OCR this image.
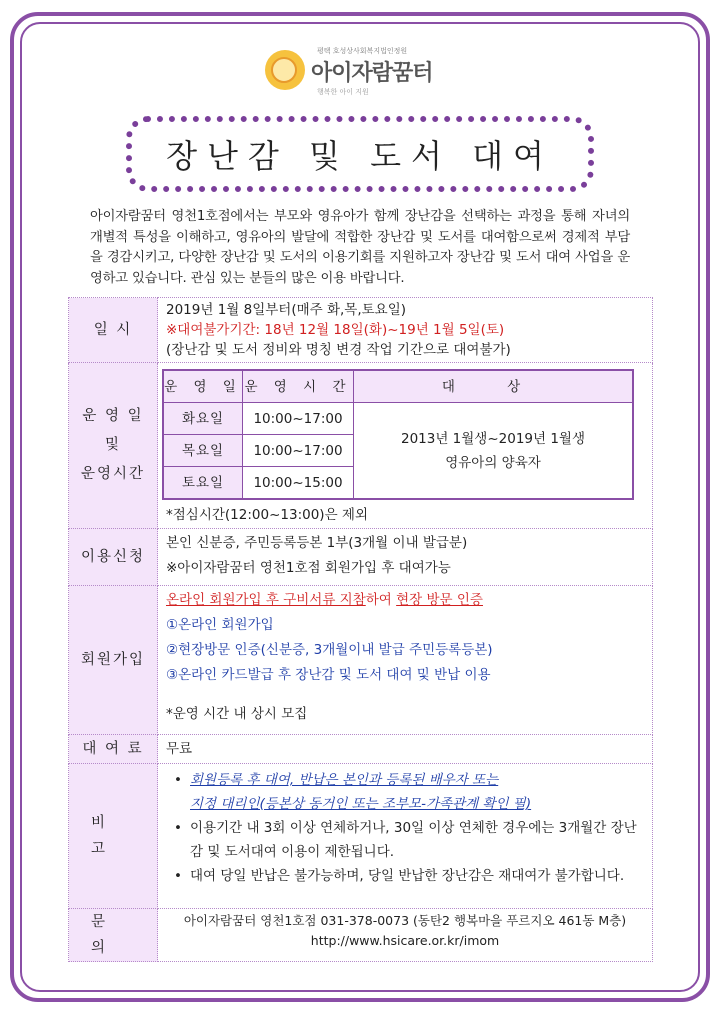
평택 호성상사회복지법인정원
아이자람꿈터
행복한 아이 지원
장난감 및 도서 대여
아이자람꿈터 영천1호점에서는 부모와 영유아가 함께 장난감을 선택하는 과정을 통해 자녀의 개별적 특성을 이해하고, 영유아의 발달에 적합한 장난감 및 도서를 대여함으로써 경제적 부담을 경감시키고, 다양한 장난감 및 도서의 이용기회를 지원하고자 장난감 및 도서 대여 사업을 운영하고 있습니다. 관심 있는 분들의 많은 이용 바랍니다.
일 시	
2019년 1월 8일부터(매주 화,목,토요일)
※대여불가기간: 18년 12월 18일(화)~19년 1월 5일(토)
(장난감 및 도서 정비와 명칭 변경 작업 기간으로 대여불가)

운 영 일
및
운영시간

운 영 일	운 영 시 간	대 상
화요일	10:00~17:00	
2013년 1월생~2019년 1월생
영유아의 양육자

목요일	10:00~17:00
토요일	10:00~15:00
*점심시간(12:00~13:00)은 제외

이용신청	
본인 신분증, 주민등록등본 1부(3개월 이내 발급분)
※아이자람꿈터 영천1호점 회원가입 후 대여가능

회원가입	
온라인 회원가입 후 구비서류 지참하여 현장 방문 인증
①온라인 회원가입
②현장방문 인증(신분증, 3개월이내 발급 주민등록등본)
③온라인 카드발급 후 장난감 및 도서 대여 및 반납 이용
*운영 시간 내 상시 모집

대 여 료	무료
비 고	
• 회원등록 후 대여, 반납은 본인과 등록된 배우자 또는
지정 대리인(등본상 동거인 또는 조부모-가족관계 확인 필)
• 이용기간 내 3회 이상 연체하거나, 30일 이상 연체한 경우에는 3개월간 장난감 및 도서대여 이용이 제한됩니다.
• 대여 당일 반납은 불가능하며, 당일 반납한 장난감은 재대여가 불가합니다.

문 의	
아이자람꿈터 영천1호점 031-378-0073 (동탄2 행복마을 푸르지오 461동 M층)
http://www.hsicare.or.kr/imom
